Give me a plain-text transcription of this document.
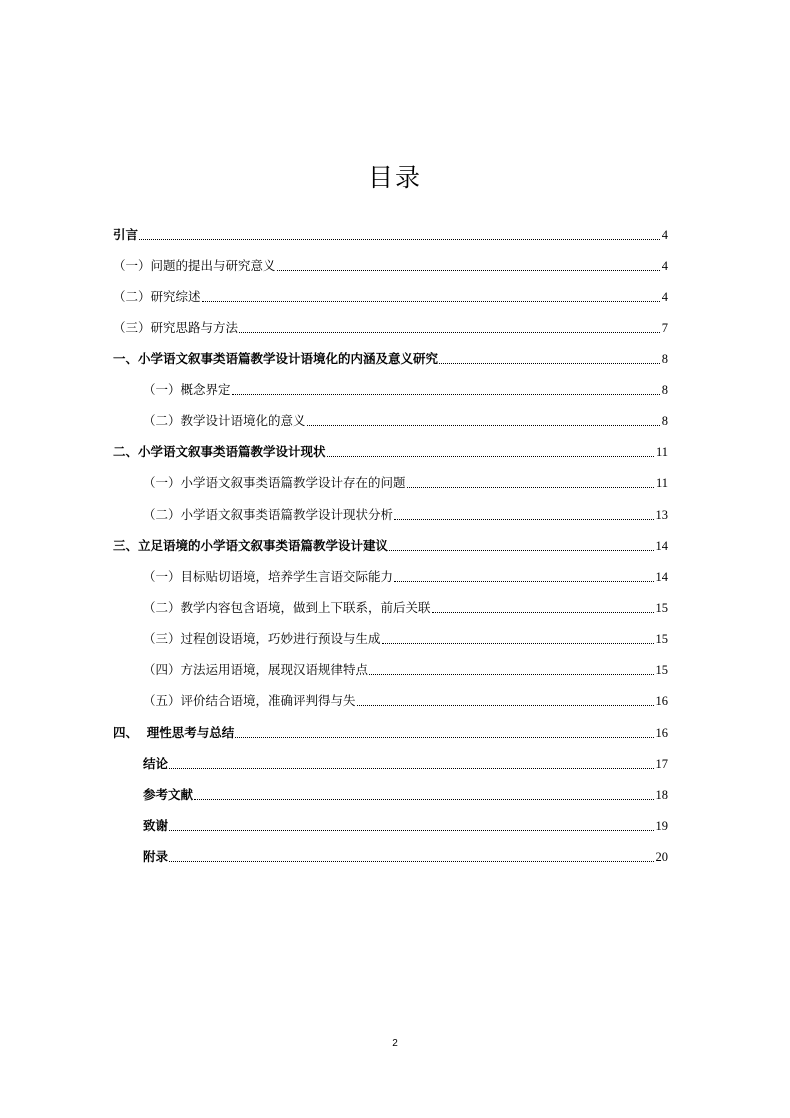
目录
引言	4
（一）问题的提出与研究意义	4
（二）研究综述	4
（三）研究思路与方法	7
一、小学语文叙事类语篇教学设计语境化的内涵及意义研究	8
（一）概念界定	8
（二）教学设计语境化的意义	8
二、小学语文叙事类语篇教学设计现状	11
（一）小学语文叙事类语篇教学设计存在的问题	11
（二）小学语文叙事类语篇教学设计现状分析	13
三、立足语境的小学语文叙事类语篇教学设计建议	14
（一）目标贴切语境，培养学生言语交际能力	14
（二）教学内容包含语境，做到上下联系，前后关联	15
（三）过程创设语境，巧妙进行预设与生成	15
（四）方法运用语境，展现汉语规律特点	15
（五）评价结合语境，准确评判得与失	16
四、  理性思考与总结	16
结论	17
参考文献	18
致谢	19
附录	20
2
